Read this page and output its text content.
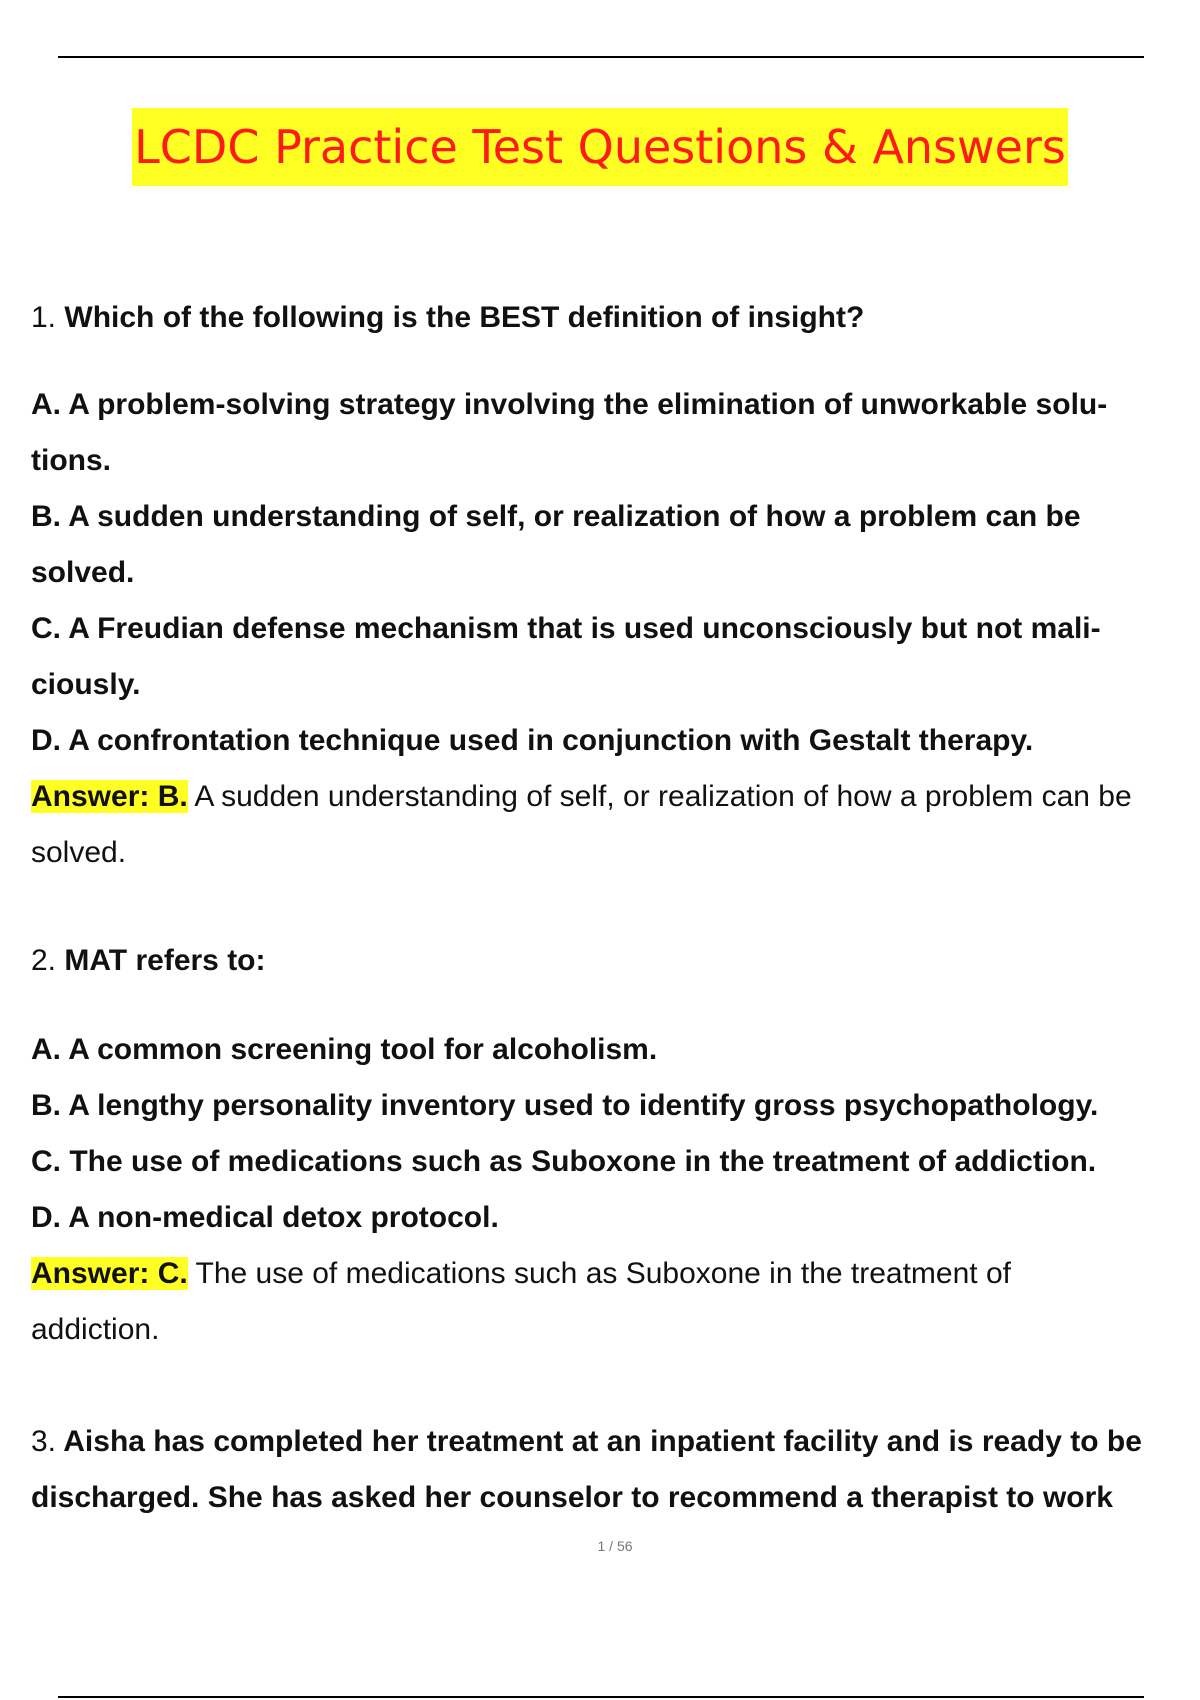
LCDC Practice Test Questions & Answers
1. Which of the following is the BEST definition of insight?
A. A problem-solving strategy involving the elimination of unworkable solu-
tions.
B. A sudden understanding of self, or realization of how a problem can be
solved.
C. A Freudian defense mechanism that is used unconsciously but not mali-
ciously.
D. A confrontation technique used in conjunction with Gestalt therapy.
Answer: B. A sudden understanding of self, or realization of how a problem can be
solved.
2. MAT refers to:
A. A common screening tool for alcoholism.
B. A lengthy personality inventory used to identify gross psychopathology.
C. The use of medications such as Suboxone in the treatment of addiction.
D. A non-medical detox protocol.
Answer: C. The use of medications such as Suboxone in the treatment of
addiction.
3. Aisha has completed her treatment at an inpatient facility and is ready to be
discharged. She has asked her counselor to recommend a therapist to work
1 / 56
